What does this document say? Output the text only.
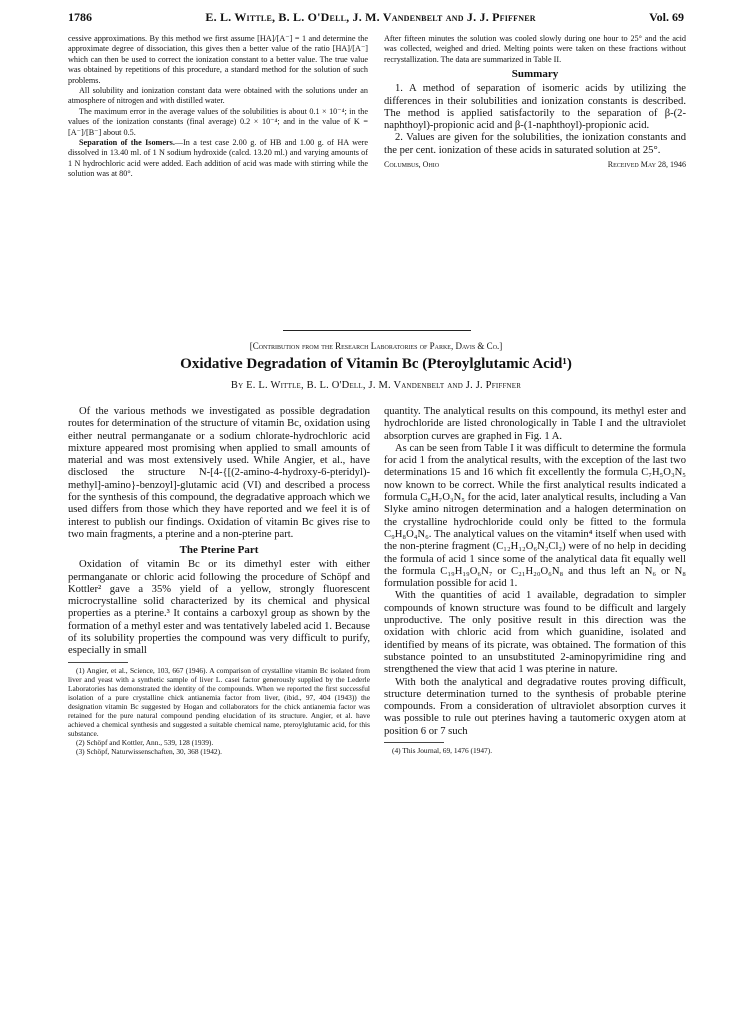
1786	E. L. Wittle, B. L. O'Dell, J. M. Vandenbelt and J. J. Pfiffner	Vol. 69

cessive approximations. By this method we first assume [HA]/[A⁻] = 1 and determine the approximate degree of dissociation, this gives then a better value of the ratio [HA]/[A⁻] which can then be used to correct the ionization constant to a better value. The true value was obtained by repetitions of this procedure, a standard method for the solution of such problems.

All solubility and ionization constant data were obtained with the solutions under an atmosphere of nitrogen and with distilled water.

The maximum error in the average values of the solubilities is about 0.1 × 10⁻⁴; in the values of the ionization constants (final average) 0.2 × 10⁻⁴; and in the value of K = [A⁻]/[B⁻] about 0.5.

Separation of the Isomers.—In a test case 2.00 g. of HB and 1.00 g. of HA were dissolved in 13.40 ml. of 1 N sodium hydroxide (calcd. 13.20 ml.) and varying amounts of 1 N hydrochloric acid were added. Each addition of acid was made with stirring while the solution was at 80°.

After fifteen minutes the solution was cooled slowly during one hour to 25° and the acid was collected, weighed and dried. Melting points were taken on these fractions without recrystallization. The data are summarized in Table II.

Summary

1. A method of separation of isomeric acids by utilizing the differences in their solubilities and ionization constants is described. The method is applied satisfactorily to the separation of β-(2-naphthoyl)-propionic acid and β-(1-naphthoyl)-propionic acid.

2. Values are given for the solubilities, the ionization constants and the per cent. ionization of these acids in saturated solution at 25°.

Columbus, Ohio	Received May 28, 1946
[Contribution from the Research Laboratories of Parke, Davis & Co.]
Oxidative Degradation of Vitamin Bc (Pteroylglutamic Acid¹)
By E. L. Wittle, B. L. O'Dell, J. M. Vandenbelt and J. J. Pfiffner

Of the various methods we investigated as possible degradation routes for determination of the structure of vitamin Bc, oxidation using either neutral permanganate or a sodium chlorate-hydrochloric acid mixture appeared most promising when applied to small amounts of material and was most extensively used. While Angier, et al., have disclosed the structure N-[4-{[(2-amino-4-hydroxy-6-pteridyl)-methyl]-amino}-benzoyl]-glutamic acid (VI) and described a process for the synthesis of this compound, the degradative approach which we used differs from those which they have reported and we feel it is of interest to publish our findings. Oxidation of vitamin Bc gives rise to two main fragments, a pterine and a non-pterine part.

The Pterine Part

Oxidation of vitamin Bc or its dimethyl ester with either permanganate or chloric acid following the procedure of Schöpf and Kottler² gave a 35% yield of a yellow, strongly fluorescent microcrystalline solid characterized by its chemical and physical properties as a pterine.³ It contains a carboxyl group as shown by the formation of a methyl ester and was tentatively labeled acid 1. Because of its solubility properties the compound was very difficult to purify, especially in small

(1) Angier, et al., Science, 103, 667 (1946). A comparison of crystalline vitamin Bc isolated from liver and yeast with a synthetic sample of liver L. casei factor generously supplied by the Lederle Laboratories has demonstrated the identity of the compounds. When we reported the first successful isolation of a pure crystalline chick antianemia factor from liver, (ibid., 97, 404 (1943)) the designation vitamin Bc suggested by Hogan and collaborators for the chick antianemia factor was retained for the pure natural compound pending elucidation of its structure. Angier, et al. have achieved a chemical synthesis and suggested a suitable chemical name, pteroylglutamic acid, for this substance.

(2) Schöpf and Kottler, Ann., 539, 128 (1939).

(3) Schöpf, Naturwissenschaften, 30, 368 (1942).

quantity. The analytical results on this compound, its methyl ester and hydrochloride are listed chronologically in Table I and the ultraviolet absorption curves are graphed in Fig. 1 A.

As can be seen from Table I it was difficult to determine the formula for acid 1 from the analytical results, with the exception of the last two determinations 15 and 16 which fit excellently the formula C₇H₅O₃N₅ now known to be correct. While the first analytical results indicated a formula C₈H₇O₃N₅ for the acid, later analytical results, including a Van Slyke amino nitrogen determination and a halogen determination on the crystalline hydrochloride could only be fitted to the formula C₉H₈O₄N₆. The analytical values on the vitamin⁴ itself when used with the non-pterine fragment (C₁₂H₁₂O₆N₂Cl₂) were of no help in deciding the formula of acid 1 since some of the analytical data fit equally well the formula C₁₉H₁₉O₆N₇ or C₂₁H₂₀O₆N₈ and thus left an N₆ or N₈ formulation possible for acid 1.

With the quantities of acid 1 available, degradation to simpler compounds of known structure was found to be difficult and largely unproductive. The only positive result in this direction was the oxidation with chloric acid from which guanidine, isolated and identified by means of its picrate, was obtained. The formation of this substance pointed to an unsubstituted 2-aminopyrimidine ring and strengthened the view that acid 1 was pterine in nature.

With both the analytical and degradative routes proving difficult, structure determination turned to the synthesis of probable pterine compounds. From a consideration of ultraviolet absorption curves it was possible to rule out pterines having a tautomeric oxygen atom at position 6 or 7 such

(4) This Journal, 69, 1476 (1947).
